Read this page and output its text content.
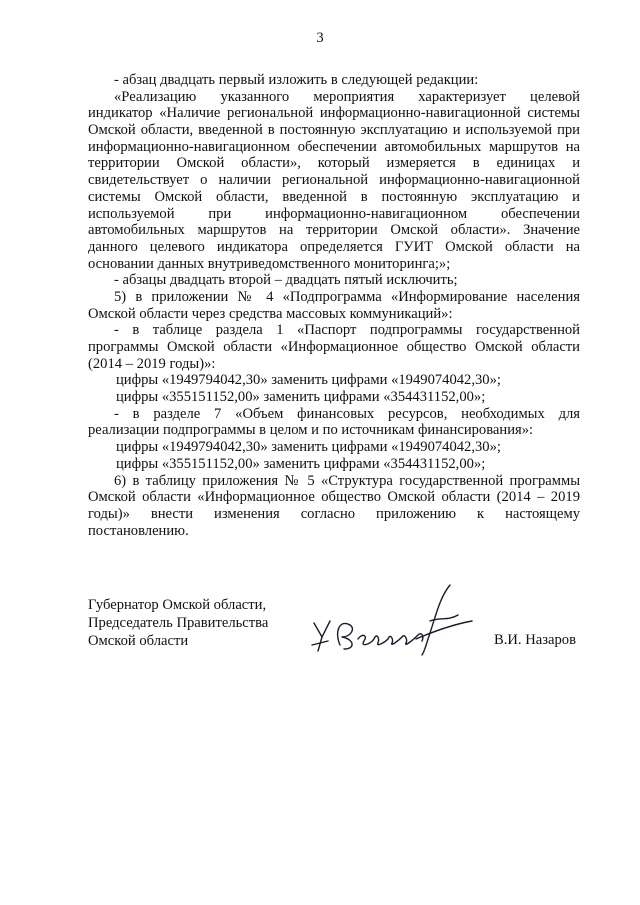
3
- абзац двадцать первый изложить в следующей редакции:
«Реализацию указанного мероприятия характеризует целевой
индикатор «Наличие региональной информационно-навигационной системы
Омской области, введенной в постоянную эксплуатацию и используемой при
информационно-навигационном обеспечении автомобильных маршрутов на
территории Омской области», который измеряется в единицах и
свидетельствует о наличии региональной информационно-навигационной
системы Омской области, введенной в постоянную эксплуатацию и
используемой при информационно-навигационном обеспечении
автомобильных маршрутов на территории Омской области». Значение
данного целевого индикатора определяется ГУИТ Омской области на
основании данных внутриведомственного мониторинга;»;
- абзацы двадцать второй – двадцать пятый исключить;
5) в приложении № 4 «Подпрограмма «Информирование населения
Омской области через средства массовых коммуникаций»:
- в таблице раздела 1 «Паспорт подпрограммы государственной
программы Омской области «Информационное общество Омской области
(2014 – 2019 годы)»:
цифры «1949794042,30» заменить цифрами «1949074042,30»;
цифры «355151152,00» заменить цифрами «354431152,00»;
- в разделе 7 «Объем финансовых ресурсов, необходимых для
реализации подпрограммы в целом и по источникам финансирования»:
цифры «1949794042,30» заменить цифрами «1949074042,30»;
цифры «355151152,00» заменить цифрами «354431152,00»;
6) в таблицу приложения № 5 «Структура государственной программы
Омской области «Информационное общество Омской области (2014 – 2019
годы)» внести изменения согласно приложению к настоящему
постановлению.
Губернатор Омской области,
Председатель Правительства
Омской области	В.И. Назаров
